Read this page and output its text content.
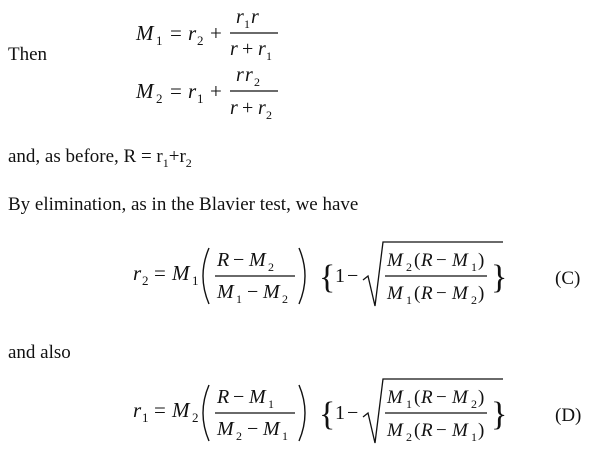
M 1 = r 2 +
r 1 r
r + r 1
Then
M 2 = r 1 +
r r 2
r + r 2
and, as before, $R = r_1+r_2$
By elimination, as in the Blavier test, we have
r 2 = M 1
R − M 2
M 1 − M 2
{ 1 −
M 2 ( R − M 1 )
M 1 ( R − M 2 ) }	(C)
and also
r 1 = M 2
R − M 1
M 2 − M 1
{ 1 −
M 1 ( R − M 2 )
M 2 ( R − M 1 ) }	(D)
